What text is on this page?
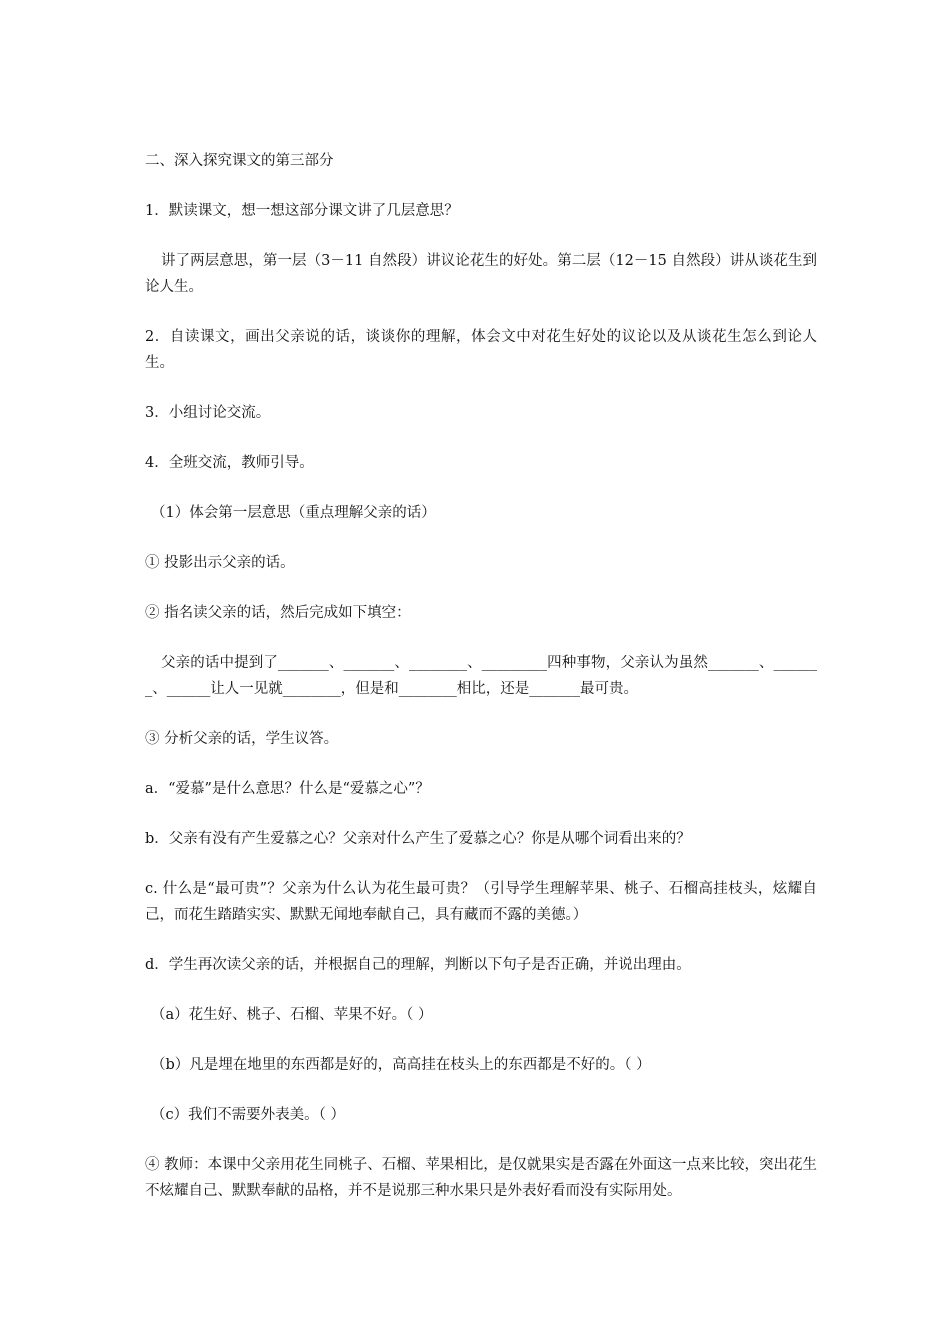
二、深入探究课文的第三部分

1．默读课文，想一想这部分课文讲了几层意思？

讲了两层意思，第一层（3－11 自然段）讲议论花生的好处。第二层（12－15 自然段）讲从谈花生到论人生。

2．自读课文，画出父亲说的话，谈谈你的理解，体会文中对花生好处的议论以及从谈花生怎么到论人生。

3．小组讨论交流。

4．全班交流，教师引导。

（1）体会第一层意思（重点理解父亲的话）

① 投影出示父亲的话。

② 指名读父亲的话，然后完成如下填空：

父亲的话中提到了_______、_______、________、_________四种事物，父亲认为虽然_______、_______、______让人一见就________，但是和________相比，还是_______最可贵。

③ 分析父亲的话，学生议答。

a．“爱慕”是什么意思？什么是“爱慕之心”？

b．父亲有没有产生爱慕之心？父亲对什么产生了爱慕之心？你是从哪个词看出来的？

c. 什么是“最可贵”？父亲为什么认为花生最可贵？（引导学生理解苹果、桃子、石榴高挂枝头，炫耀自己，而花生踏踏实实、默默无闻地奉献自己，具有藏而不露的美德。）

d．学生再次读父亲的话，并根据自己的理解，判断以下句子是否正确，并说出理由。

（a）花生好、桃子、石榴、苹果不好。（ ）

（b）凡是埋在地里的东西都是好的，高高挂在枝头上的东西都是不好的。（ ）

（c）我们不需要外表美。（ ）

④ 教师：本课中父亲用花生同桃子、石榴、苹果相比，是仅就果实是否露在外面这一点来比较，突出花生不炫耀自己、默默奉献的品格，并不是说那三种水果只是外表好看而没有实际用处。
